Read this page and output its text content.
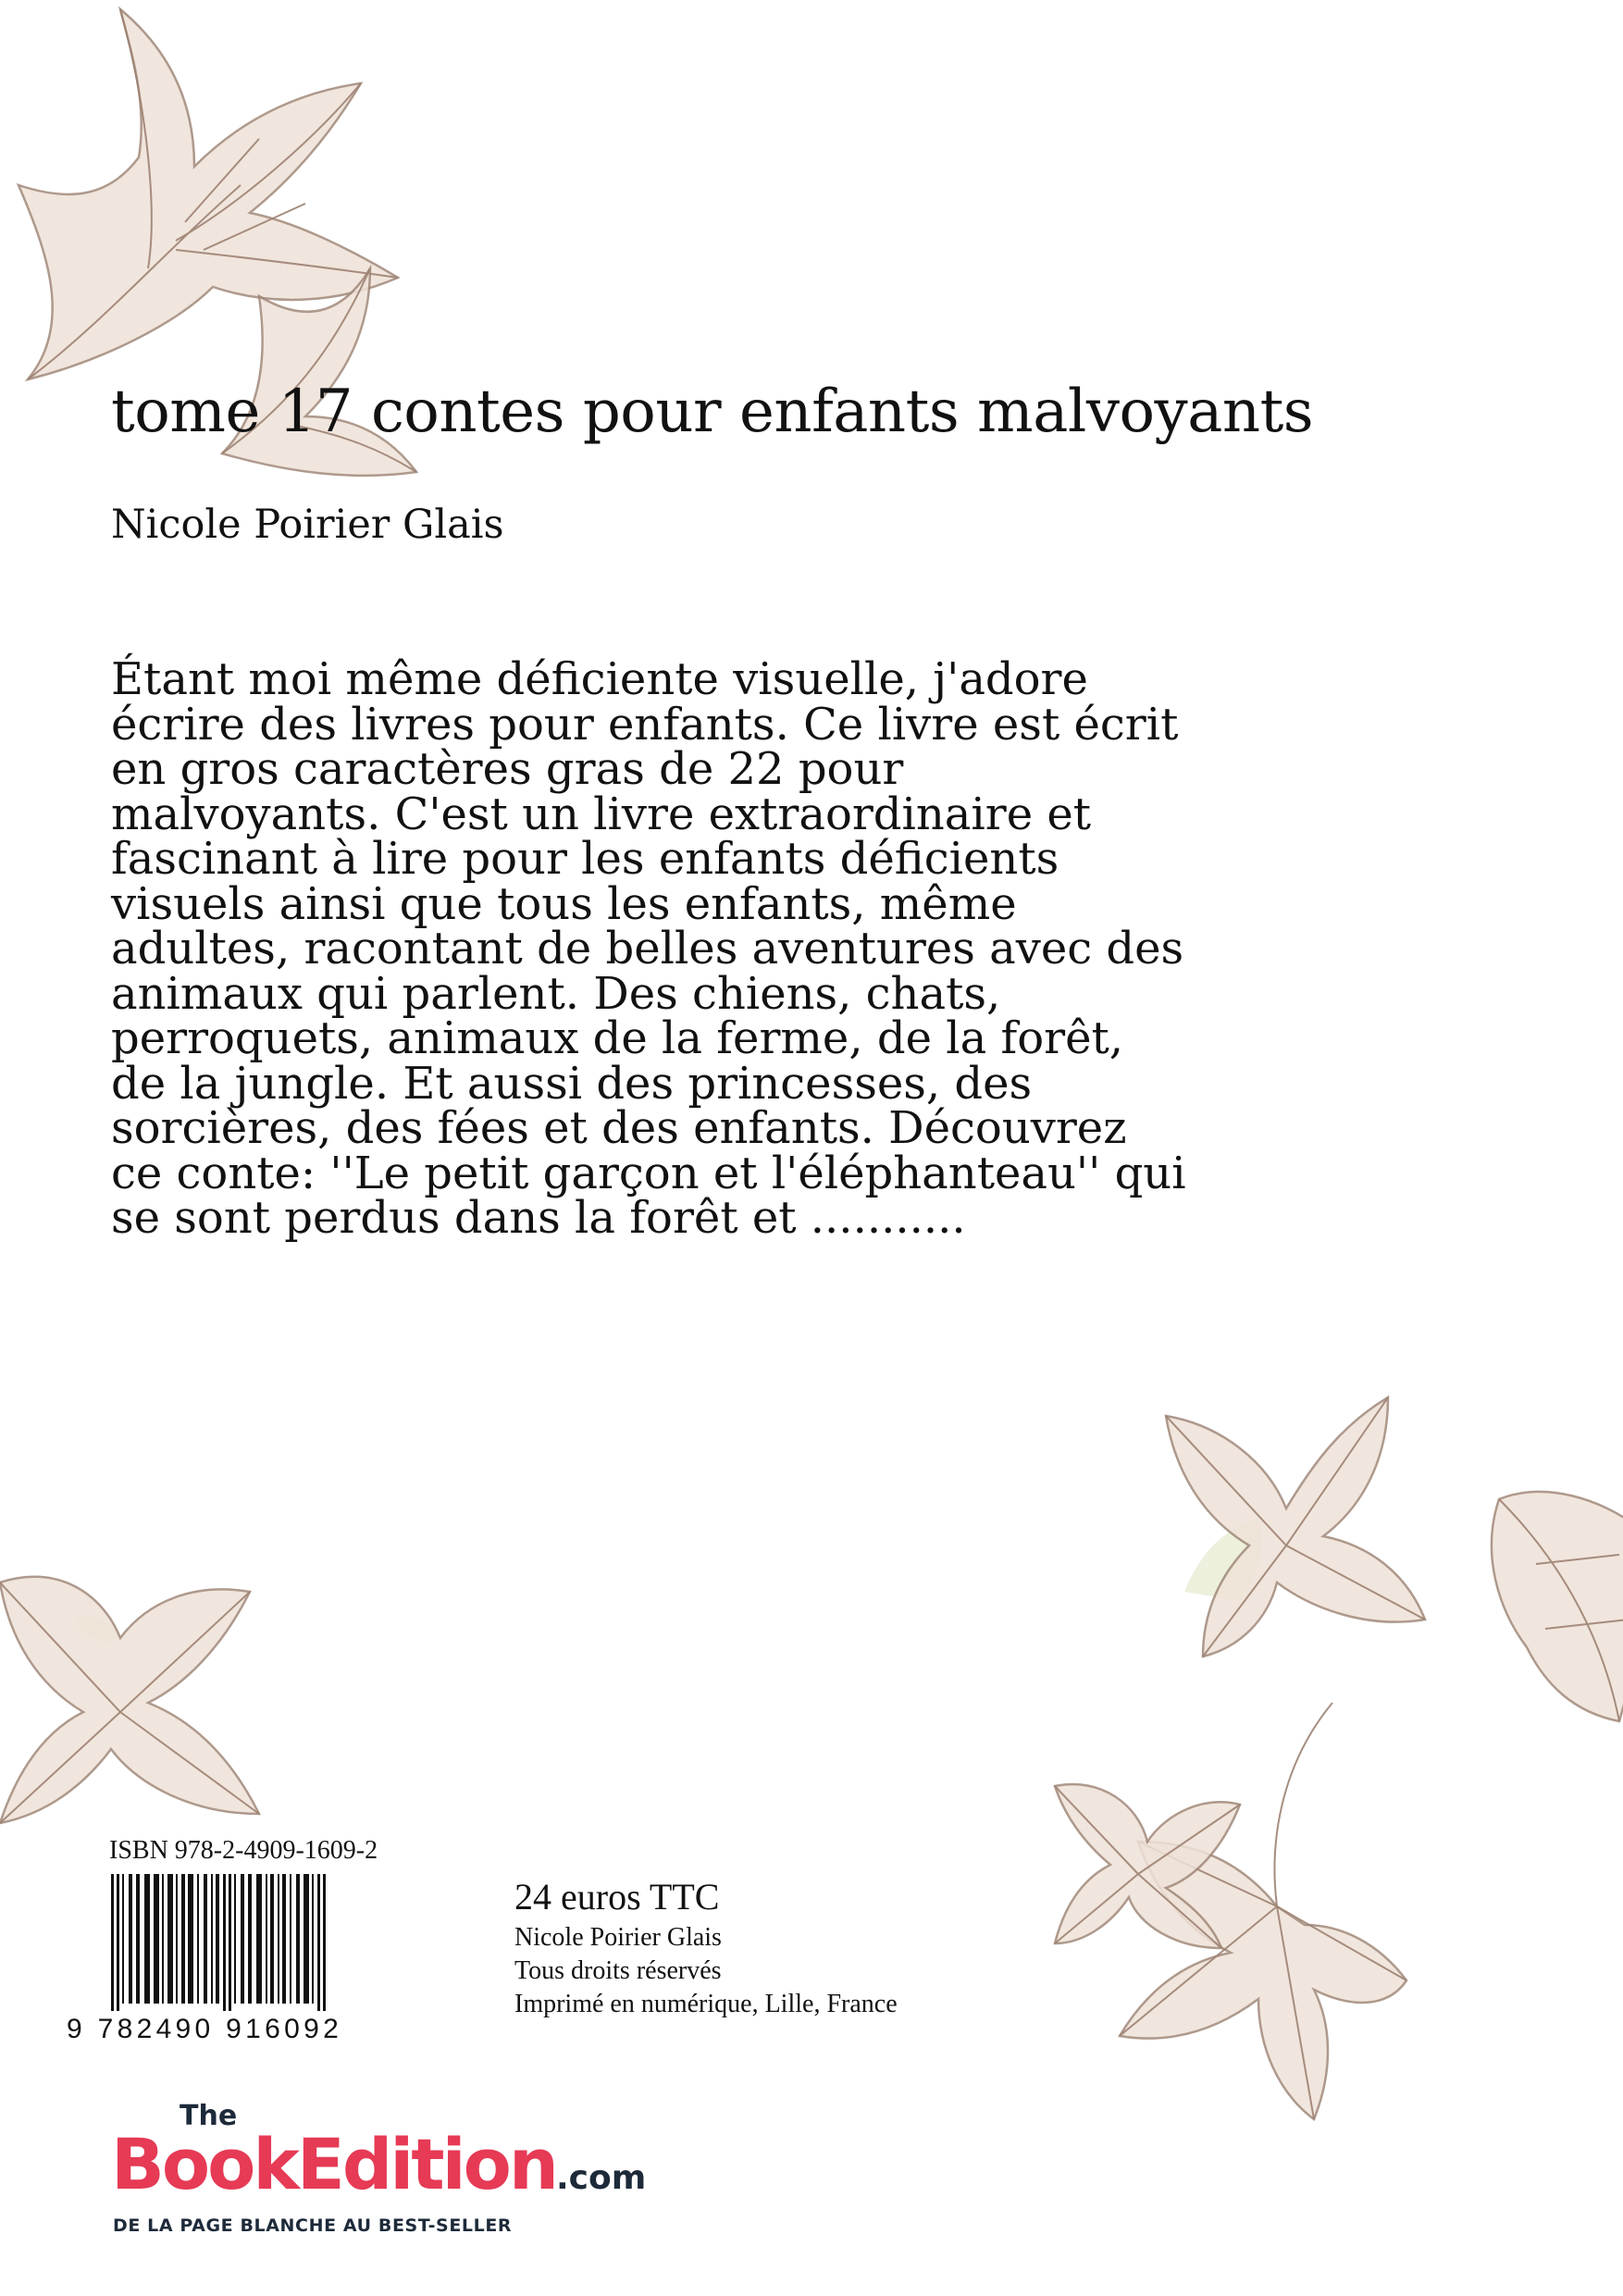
tome 17 contes pour enfants malvoyants
Nicole Poirier Glais
Étant moi même déficiente visuelle, j'adore
écrire des livres pour enfants. Ce livre est écrit
en gros caractères gras de 22 pour
malvoyants. C'est un livre extraordinaire et
fascinant à lire pour les enfants déficients
visuels ainsi que tous les enfants, même
adultes, racontant de belles aventures avec des
animaux qui parlent. Des chiens, chats,
perroquets, animaux de la ferme, de la forêt,
de la jungle. Et aussi des princesses, des
sorcières, des fées et des enfants. Découvrez
ce conte: ''Le petit garçon et l'éléphanteau'' qui
se sont perdus dans la forêt et ...........
ISBN 978-2-4909-1609-2
9 782490 916092
24 euros TTC
Nicole Poirier Glais
Tous droits réservés
Imprimé en numérique, Lille, France
The
BookEdition.com
DE LA PAGE BLANCHE AU BEST-SELLER
